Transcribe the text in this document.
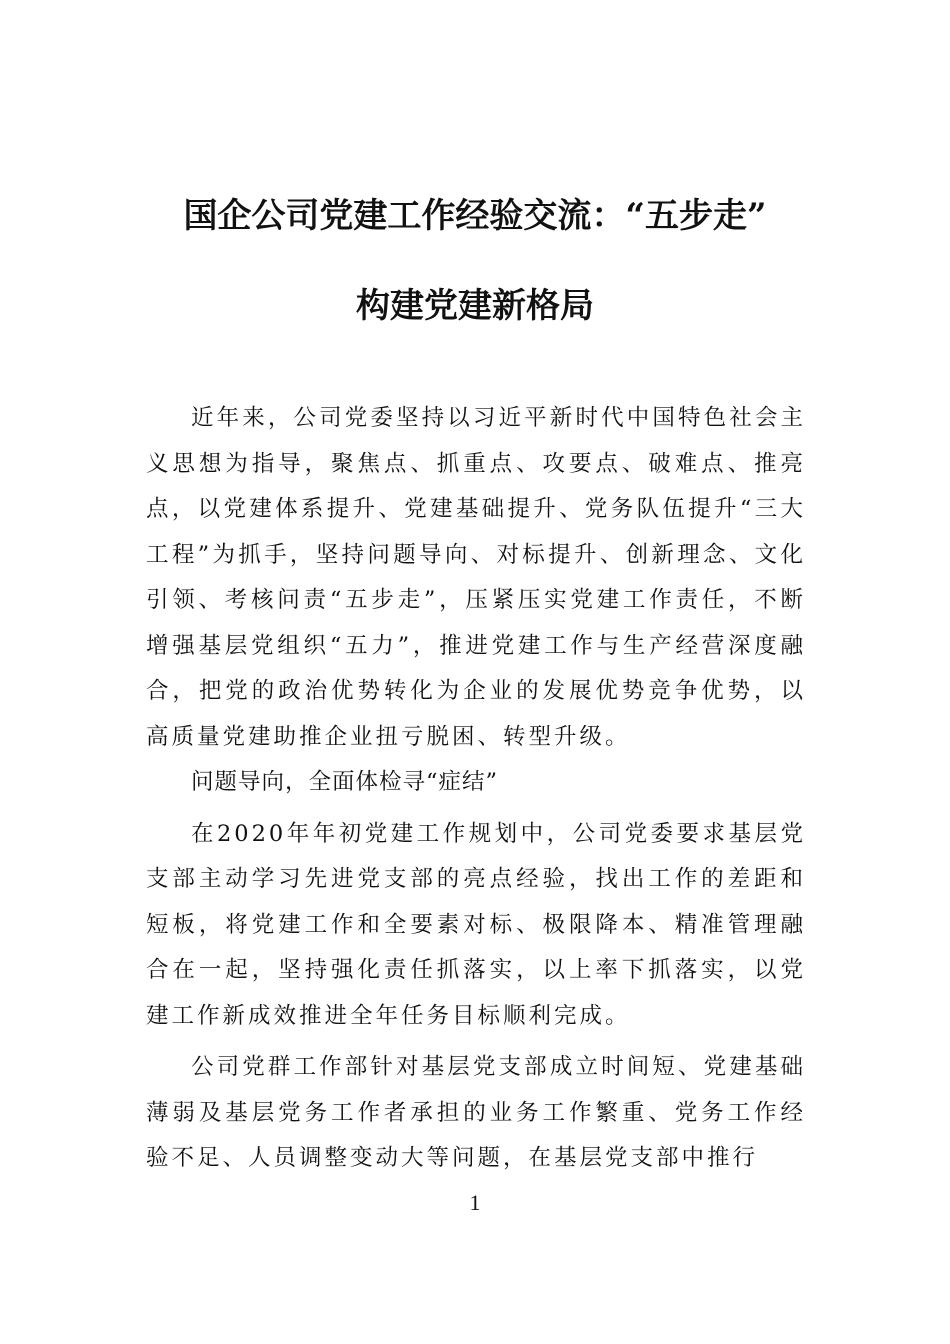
国企公司党建工作经验交流：“五步走”

构建党建新格局

近年来，公司党委坚持以习近平新时代中国特色社会主义思想为指导，聚焦点、抓重点、攻要点、破难点、推亮点，以党建体系提升、党建基础提升、党务队伍提升“三大工程”为抓手，坚持问题导向、对标提升、创新理念、文化引领、考核问责“五步走”，压紧压实党建工作责任，不断增强基层党组织“五力”，推进党建工作与生产经营深度融合，把党的政治优势转化为企业的发展优势竞争优势，以高质量党建助推企业扭亏脱困、转型升级。

问题导向，全面体检寻“症结”

在2020年年初党建工作规划中，公司党委要求基层党支部主动学习先进党支部的亮点经验，找出工作的差距和短板，将党建工作和全要素对标、极限降本、精准管理融合在一起，坚持强化责任抓落实，以上率下抓落实，以党建工作新成效推进全年任务目标顺利完成。

公司党群工作部针对基层党支部成立时间短、党建基础薄弱及基层党务工作者承担的业务工作繁重、党务工作经验不足、人员调整变动大等问题，在基层党支部中推行

1
